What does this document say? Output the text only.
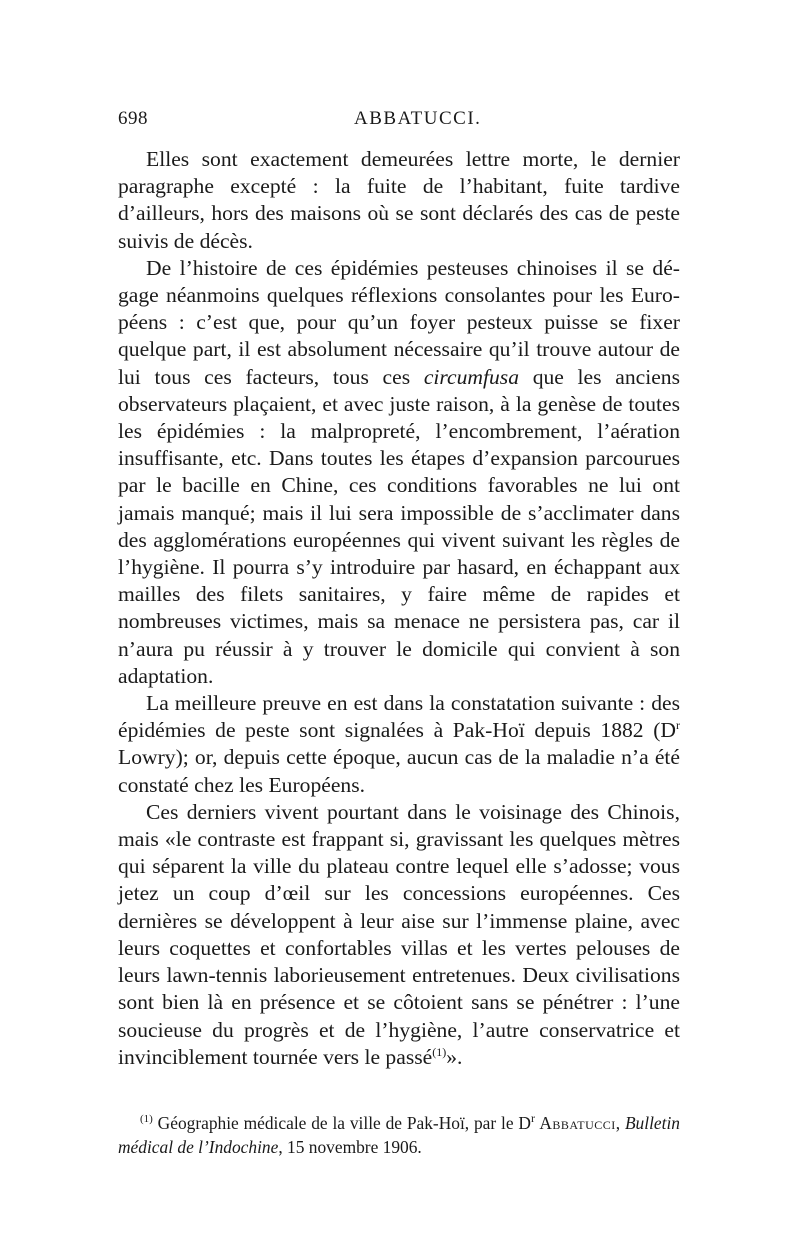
698	ABBATUCCI.

Elles sont exactement demeurées lettre morte, le dernier paragraphe excepté : la fuite de l’habitant, fuite tardive d’ailleurs, hors des maisons où se sont déclarés des cas de peste suivis de décès.

De l’histoire de ces épidémies pesteuses chinoises il se dégage néanmoins quelques réflexions consolantes pour les Européens : c’est que, pour qu’un foyer pesteux puisse se fixer quelque part, il est absolument nécessaire qu’il trouve autour de lui tous ces facteurs, tous ces circumfusa que les anciens observateurs plaçaient, et avec juste raison, à la genèse de toutes les épidémies : la malpropreté, l’encombrement, l’aération insuffisante, etc. Dans toutes les étapes d’expansion parcourues par le bacille en Chine, ces conditions favorables ne lui ont jamais manqué; mais il lui sera impossible de s’acclimater dans des agglomérations européennes qui vivent suivant les règles de l’hygiène. Il pourra s’y introduire par hasard, en échappant aux mailles des filets sanitaires, y faire même de rapides et nombreuses victimes, mais sa menace ne persistera pas, car il n’aura pu réussir à y trouver le domicile qui convient à son adaptation.

La meilleure preuve en est dans la constatation suivante : des épidémies de peste sont signalées à Pak-Hoï depuis 1882 ($D^r$ Lowry); or, depuis cette époque, aucun cas de la maladie n’a été constaté chez les Européens.

Ces derniers vivent pourtant dans le voisinage des Chinois, mais «le contraste est frappant si, gravissant les quelques mètres qui séparent la ville du plateau contre lequel elle s’adosse; vous jetez un coup d’œil sur les concessions européennes. Ces dernières se développent à leur aise sur l’immense plaine, avec leurs coquettes et confortables villas et les vertes pelouses de leurs lawn-tennis laborieusement entretenues. Deux civilisations sont bien là en présence et se côtoient sans se pénétrer : l’une soucieuse du progrès et de l’hygiène, l’autre conservatrice et invinciblement tournée vers le passé$^{(1)}$».

$^{(1)}$ Géographie médicale de la ville de Pak-Hoï, par le $D^r$ Abbatucci, Bulletin médical de l’Indochine, 15 novembre 1906.
